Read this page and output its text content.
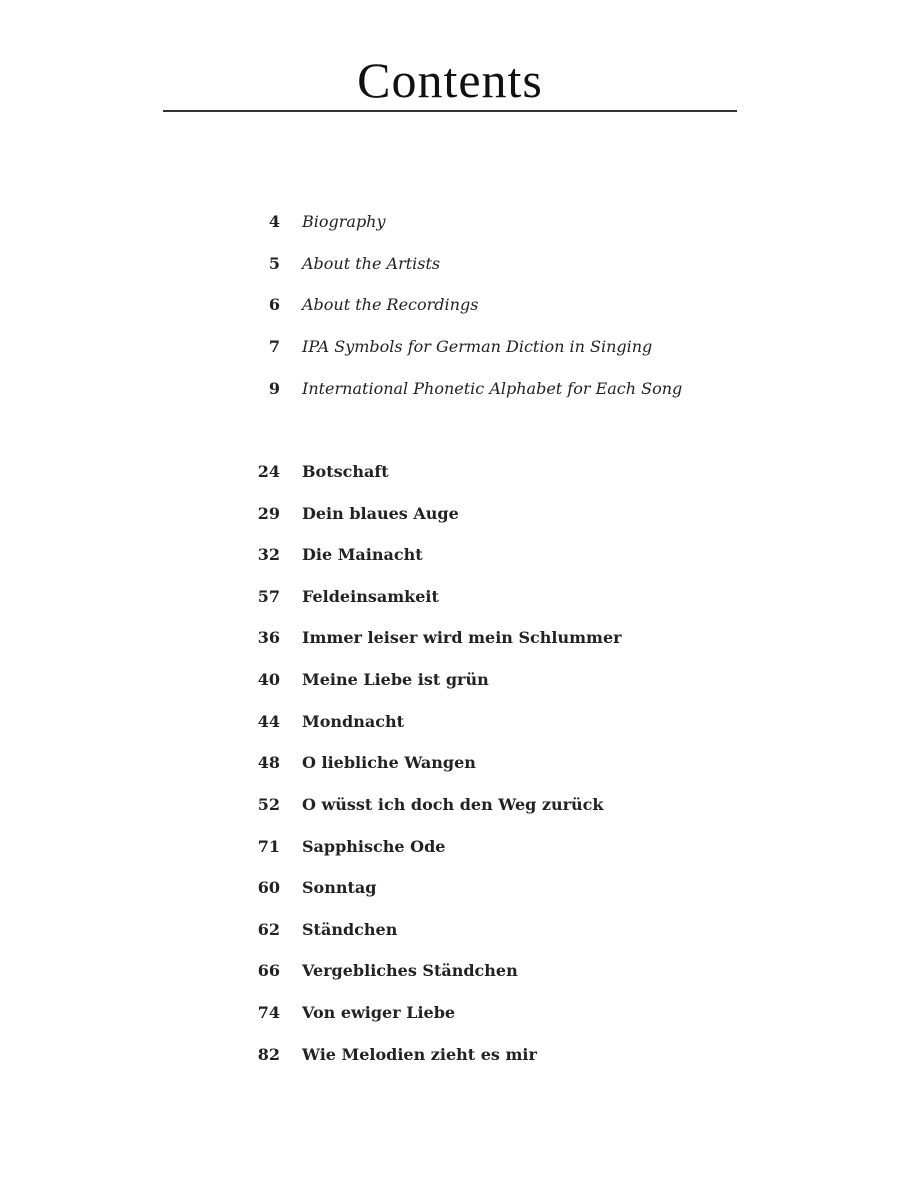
Contents
4 Biography
5 About the Artists
6 About the Recordings
7 IPA Symbols for German Diction in Singing
9 International Phonetic Alphabet for Each Song
24 Botschaft
29 Dein blaues Auge
32 Die Mainacht
57 Feldeinsamkeit
36 Immer leiser wird mein Schlummer
40 Meine Liebe ist grün
44 Mondnacht
48 O liebliche Wangen
52 O wüsst ich doch den Weg zurück
71 Sapphische Ode
60 Sonntag
62 Ständchen
66 Vergebliches Ständchen
74 Von ewiger Liebe
82 Wie Melodien zieht es mir
